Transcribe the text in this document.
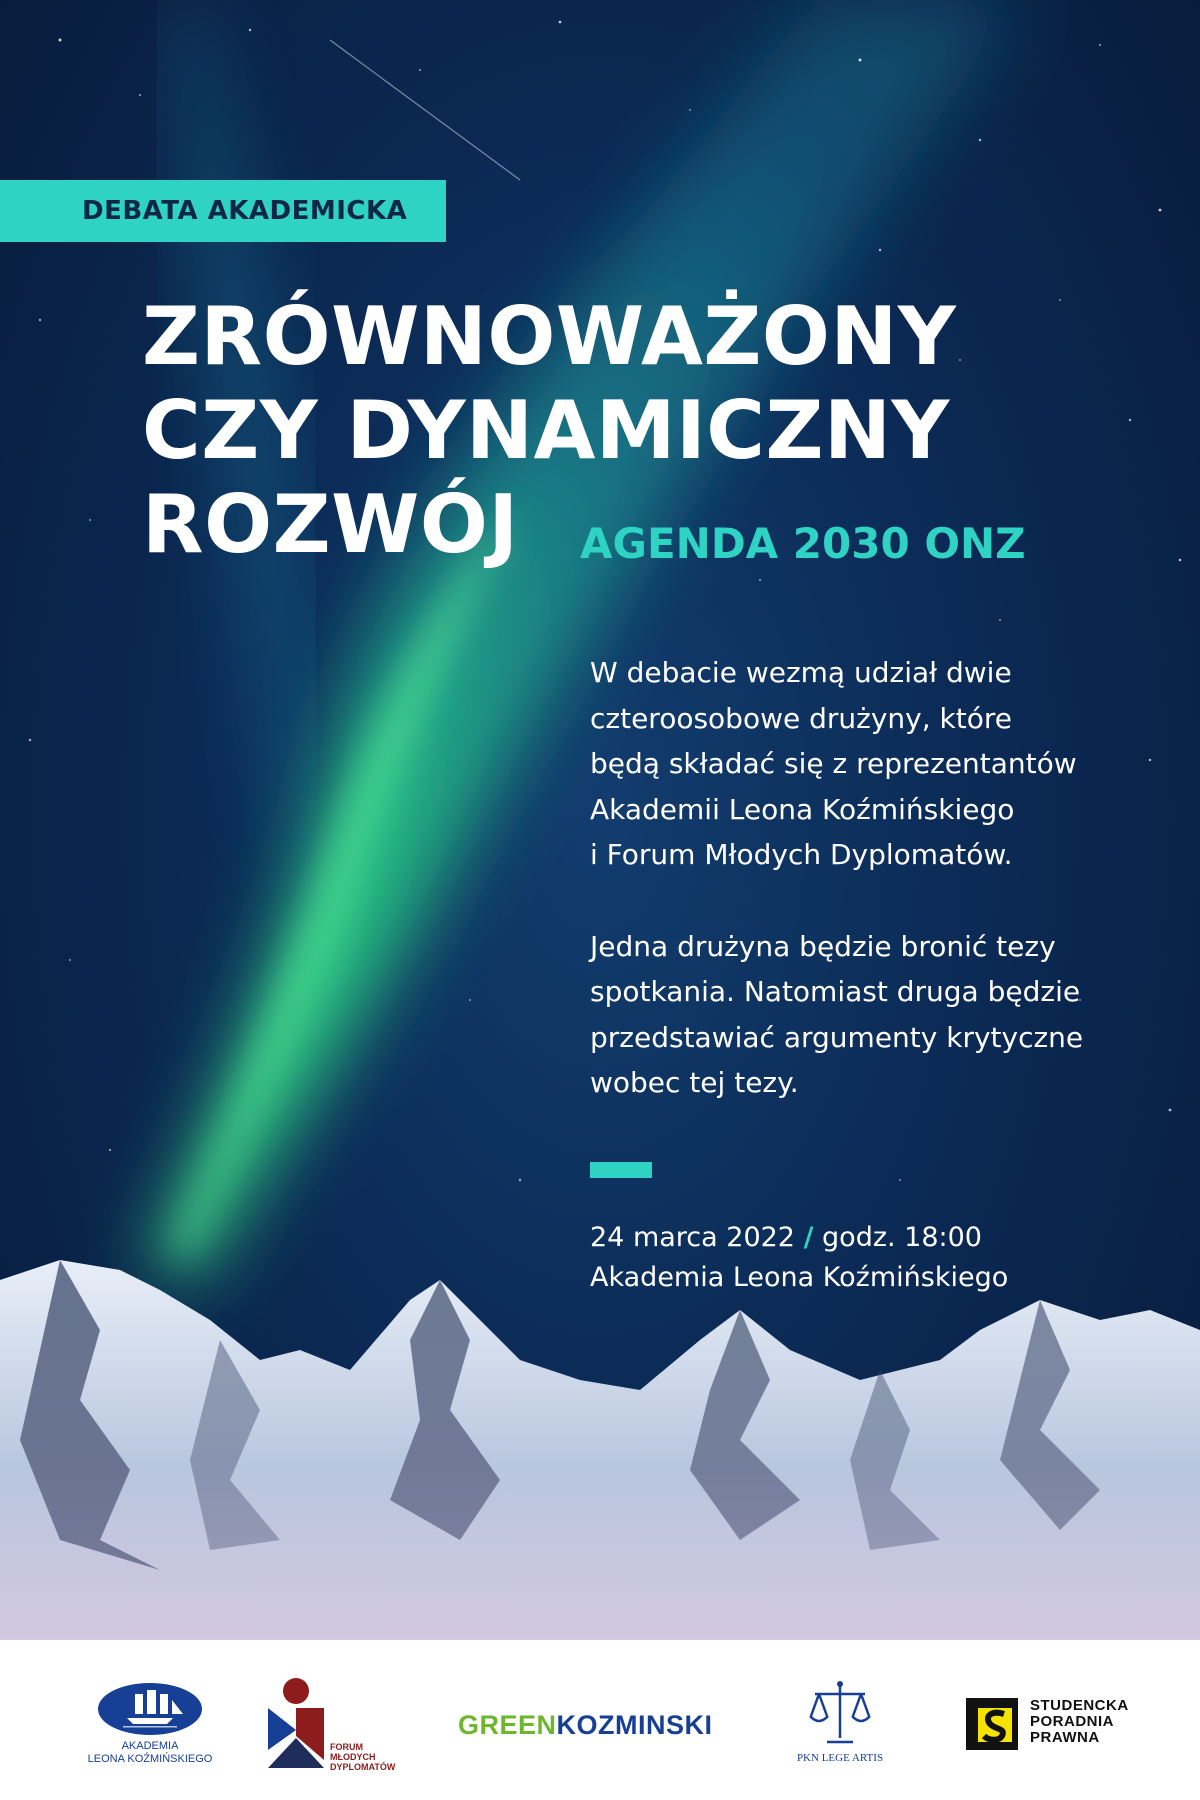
DEBATA AKADEMICKA
ZRÓWNOWAŻONY
CZY DYNAMICZNY
ROZWÓJ	AGENDA 2030 ONZ

W debacie wezmą udział dwie
czteroosobowe drużyny, które
będą składać się z reprezentantów
Akademii Leona Koźmińskiego
i Forum Młodych Dyplomatów.

Jedna drużyna będzie bronić tezy
spotkania. Natomiast druga będzie
przedstawiać argumenty krytyczne
wobec tej tezy.

24 marca 2022 / godz. 18:00
Akademia Leona Koźmińskiego
AKADEMIA
LEONA KOŹMIŃSKIEGO
FORUM
MŁODYCH
DYPLOMATÓW
GREENKOZMINSKI
PKN LEGE ARTIS
STUDENCKA
PORADNIA
PRAWNA
